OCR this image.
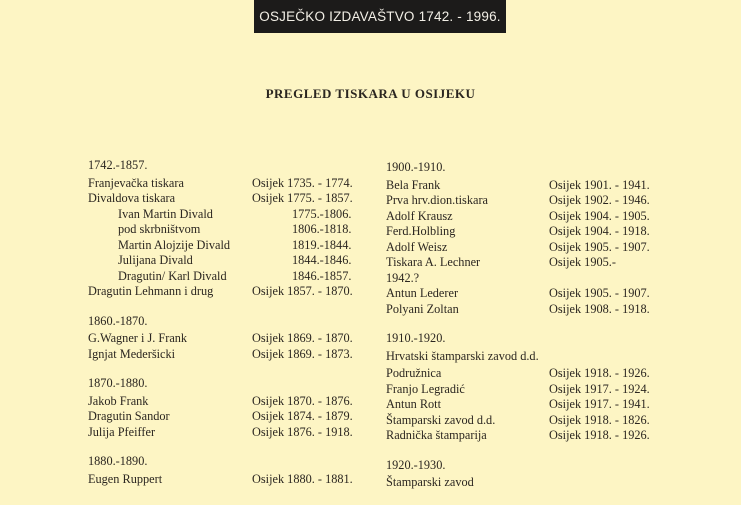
OSJEČKO IZDAVAŠTVO 1742. - 1996.
PREGLED TISKARA U OSIJEKU
1742.-1857.
Franjevačka tiskara	Osijek 1735. - 1774.
Divaldova tiskara	Osijek 1775. - 1857.
Ivan Martin Divald	1775.-1806.
pod skrbništvom	1806.-1818.
Martin Alojzije Divald	1819.-1844.
Julijana Divald	1844.-1846.
Dragutin/ Karl Divald	1846.-1857.
Dragutin Lehmann i drug	Osijek 1857. - 1870.
1860.-1870.
G.Wagner i J. Frank	Osijek 1869. - 1870.
Ignjat Mederšicki	Osijek 1869. - 1873.
1870.-1880.
Jakob Frank	Osijek 1870. - 1876.
Dragutin Sandor	Osijek 1874. - 1879.
Julija Pfeiffer	Osijek 1876. - 1918.
1880.-1890.
Eugen Ruppert	Osijek 1880. - 1881.
1900.-1910.
Bela Frank	Osijek 1901. - 1941.
Prva hrv.dion.tiskara	Osijek 1902. - 1946.
Adolf Krausz	Osijek 1904. - 1905.
Ferd.Holbling	Osijek 1904. - 1918.
Adolf Weisz	Osijek 1905. - 1907.
Tiskara A. Lechner	Osijek 1905.-
1942.?
Antun Lederer	Osijek 1905. - 1907.
Polyani Zoltan	Osijek 1908. - 1918.
1910.-1920.
Hrvatski štamparski zavod d.d.
Podružnica	Osijek 1918. - 1926.
Franjo Legradić	Osijek 1917. - 1924.
Antun Rott	Osijek 1917. - 1941.
Štamparski zavod d.d.	Osijek 1918. - 1826.
Radnička štamparija	Osijek 1918. - 1926.
1920.-1930.
Štamparski zavod
